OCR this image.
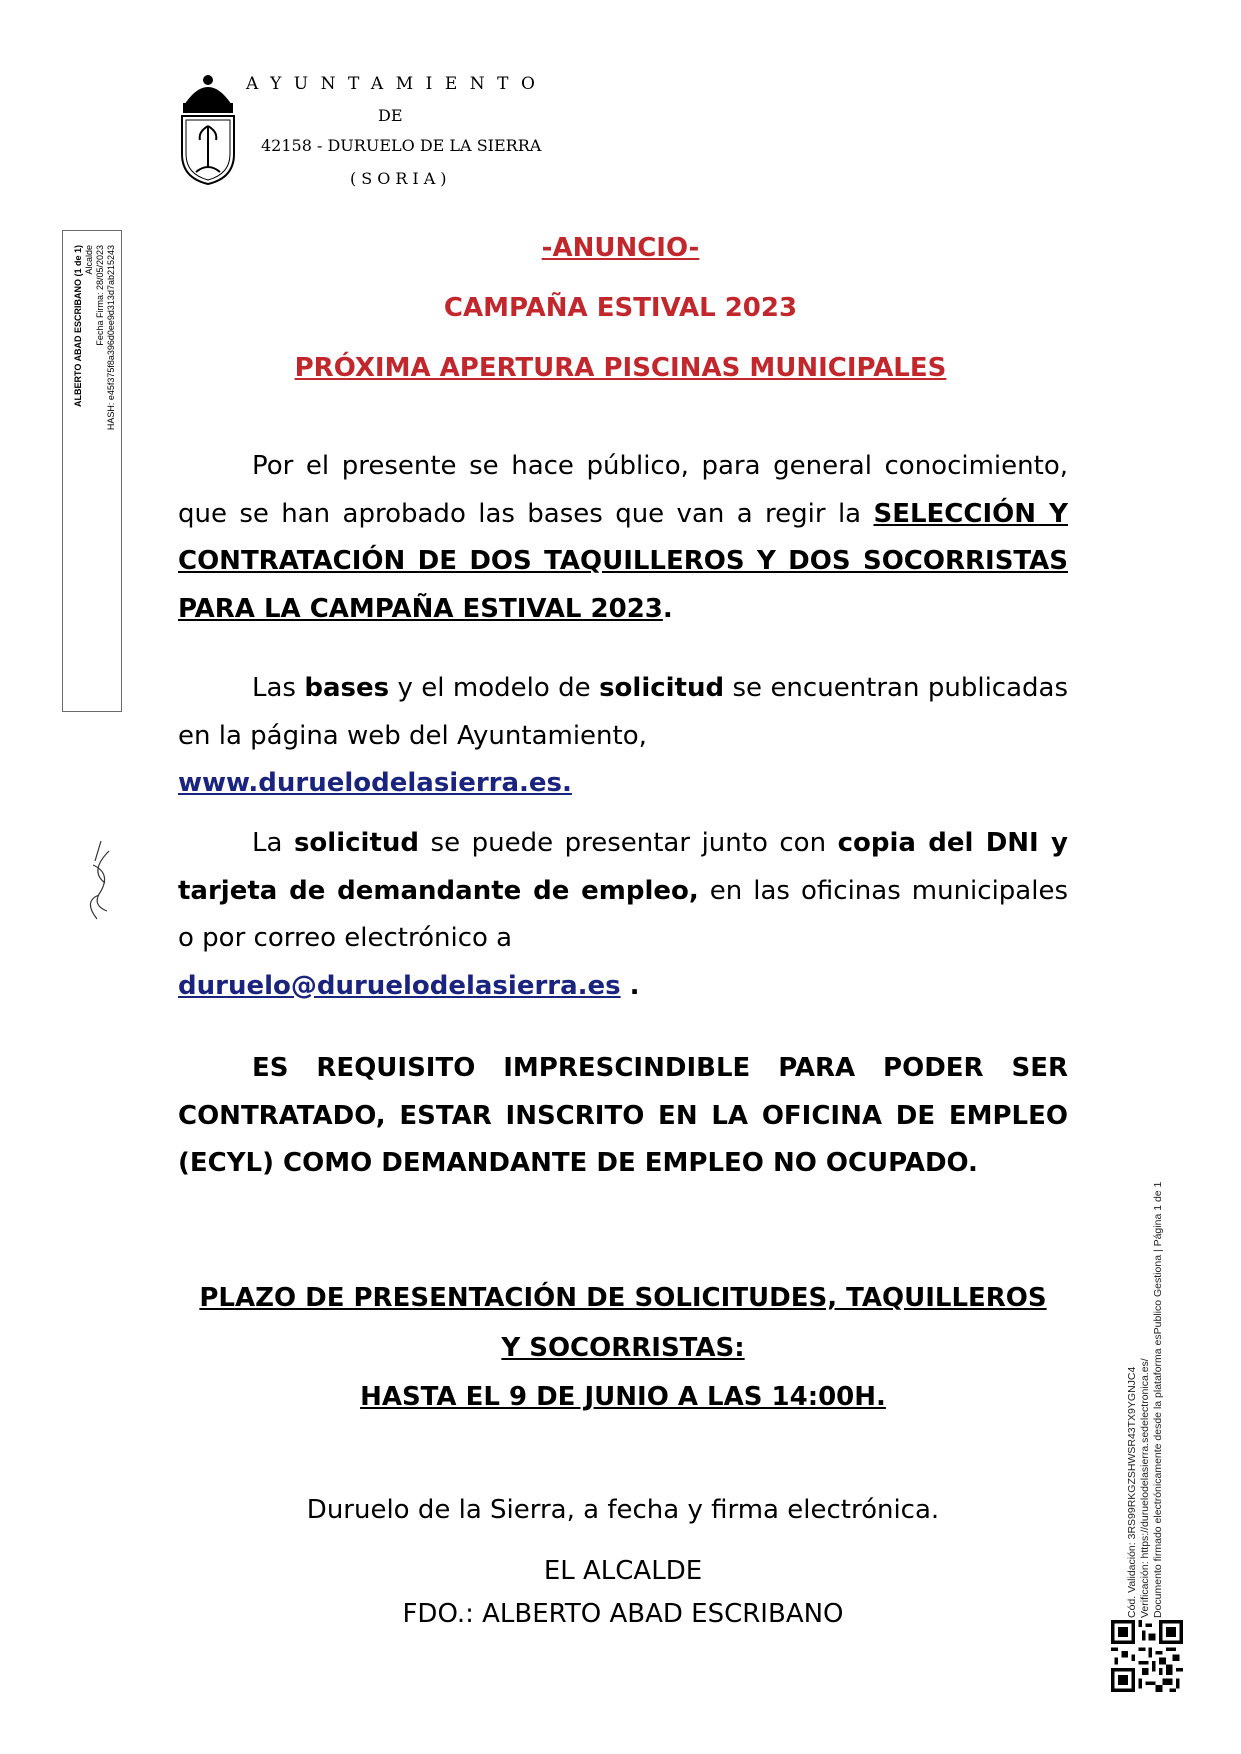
AYUNTAMIENTO
DE
42158 - DURUELO DE LA SIERRA
(SORIA)
ALBERTO ABAD ESCRIBANO (1 de 1) Alcalde Fecha Firma: 28/05/2023 HASH: e45f375f8a396d0ee9d313d7ab215243	-ANUNCIO-
CAMPAÑA ESTIVAL 2023
PRÓXIMA APERTURA PISCINAS MUNICIPALES
Por el presente se hace público, para general conocimiento, que se han aprobado las bases que van a regir la SELECCIÓN Y CONTRATACIÓN DE DOS TAQUILLEROS Y DOS SOCORRISTAS PARA LA CAMPAÑA ESTIVAL 2023.
Las bases y el modelo de solicitud se encuentran publicadas en la página web del Ayuntamiento,
www.duruelodelasierra.es.
La solicitud se puede presentar junto con copia del DNI y tarjeta de demandante de empleo, en las oficinas municipales o por correo electrónico a
duruelo@duruelodelasierra.es .
ES REQUISITO IMPRESCINDIBLE PARA PODER SER CONTRATADO, ESTAR INSCRITO EN LA OFICINA DE EMPLEO (ECYL) COMO DEMANDANTE DE EMPLEO NO OCUPADO.
PLAZO DE PRESENTACIÓN DE SOLICITUDES, TAQUILLEROS
Y SOCORRISTAS:
HASTA EL 9 DE JUNIO A LAS 14:00H.
Duruelo de la Sierra, a fecha y firma electrónica.
EL ALCALDE
FDO.: ALBERTO ABAD ESCRIBANO	Cód. Validación: 3RS99RKGZSHWSR43TX9YGNJC4 Verificación: https://duruelodelasierra.sedelectronica.es/ Documento firmado electrónicamente desde la plataforma esPublico Gestiona | Página 1 de 1
